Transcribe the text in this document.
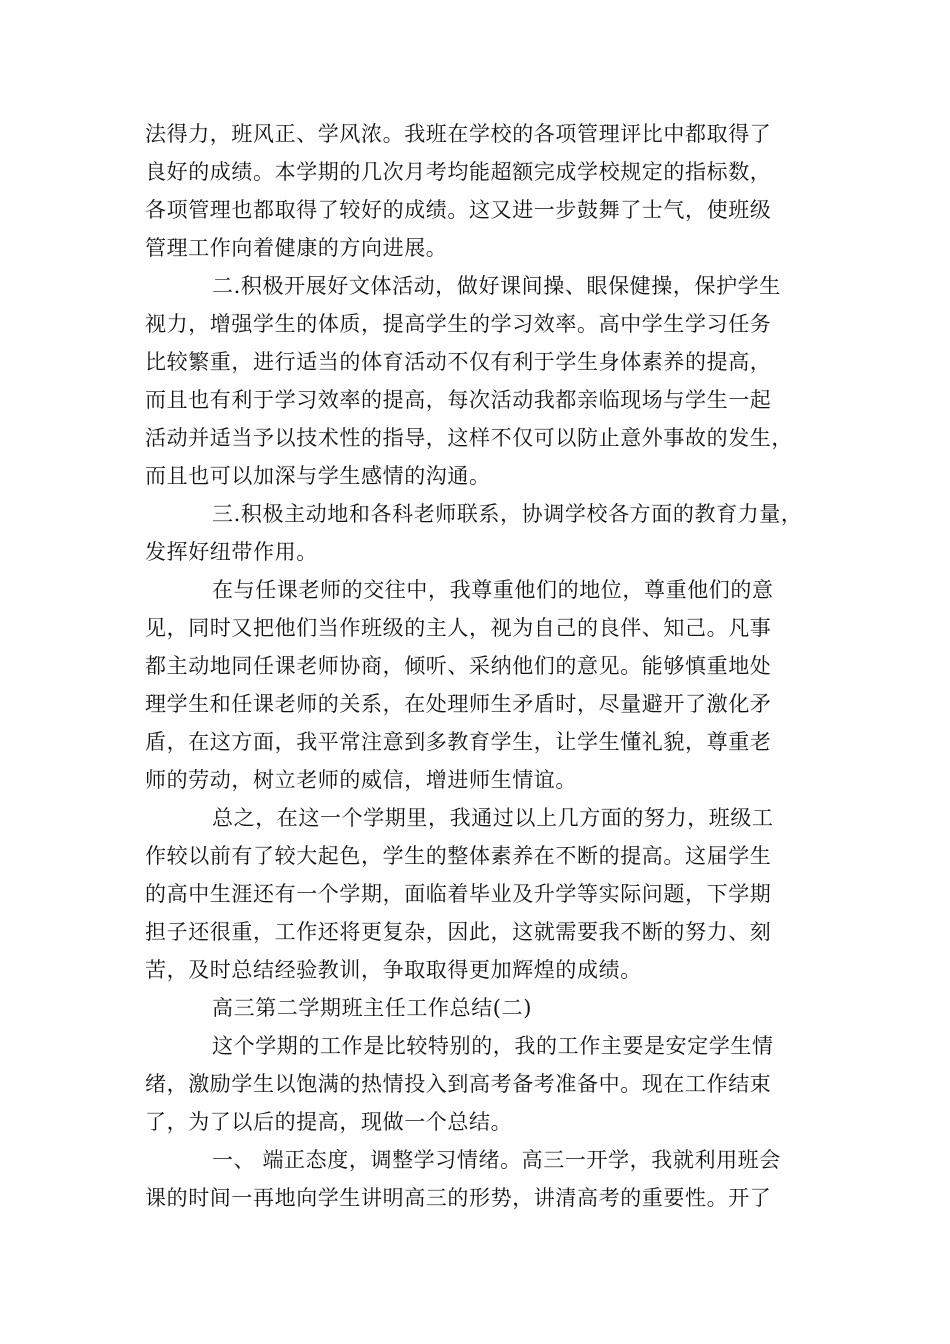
法得力，班风正、学风浓。我班在学校的各项管理评比中都取得了
良好的成绩。本学期的几次月考均能超额完成学校规定的指标数，
各项管理也都取得了较好的成绩。这又进一步鼓舞了士气，使班级
管理工作向着健康的方向进展。
二.积极开展好文体活动，做好课间操、眼保健操，保护学生
视力，增强学生的体质，提高学生的学习效率。高中学生学习任务
比较繁重，进行适当的体育活动不仅有利于学生身体素养的提高，
而且也有利于学习效率的提高，每次活动我都亲临现场与学生一起
活动并适当予以技术性的指导，这样不仅可以防止意外事故的发生，
而且也可以加深与学生感情的沟通。
三.积极主动地和各科老师联系，协调学校各方面的教育力量，
发挥好纽带作用。
在与任课老师的交往中，我尊重他们的地位，尊重他们的意
见，同时又把他们当作班级的主人，视为自己的良伴、知己。凡事
都主动地同任课老师协商，倾听、采纳他们的意见。能够慎重地处
理学生和任课老师的关系，在处理师生矛盾时，尽量避开了激化矛
盾，在这方面，我平常注意到多教育学生，让学生懂礼貌，尊重老
师的劳动，树立老师的威信，增进师生情谊。
总之，在这一个学期里，我通过以上几方面的努力，班级工
作较以前有了较大起色，学生的整体素养在不断的提高。这届学生
的高中生涯还有一个学期，面临着毕业及升学等实际问题，下学期
担子还很重，工作还将更复杂，因此，这就需要我不断的努力、刻
苦，及时总结经验教训，争取取得更加辉煌的成绩。
高三第二学期班主任工作总结(二)
这个学期的工作是比较特别的，我的工作主要是安定学生情
绪，激励学生以饱满的热情投入到高考备考准备中。现在工作结束
了，为了以后的提高，现做一个总结。
一、 端正态度，调整学习情绪。高三一开学，我就利用班会
课的时间一再地向学生讲明高三的形势，讲清高考的重要性。开了
